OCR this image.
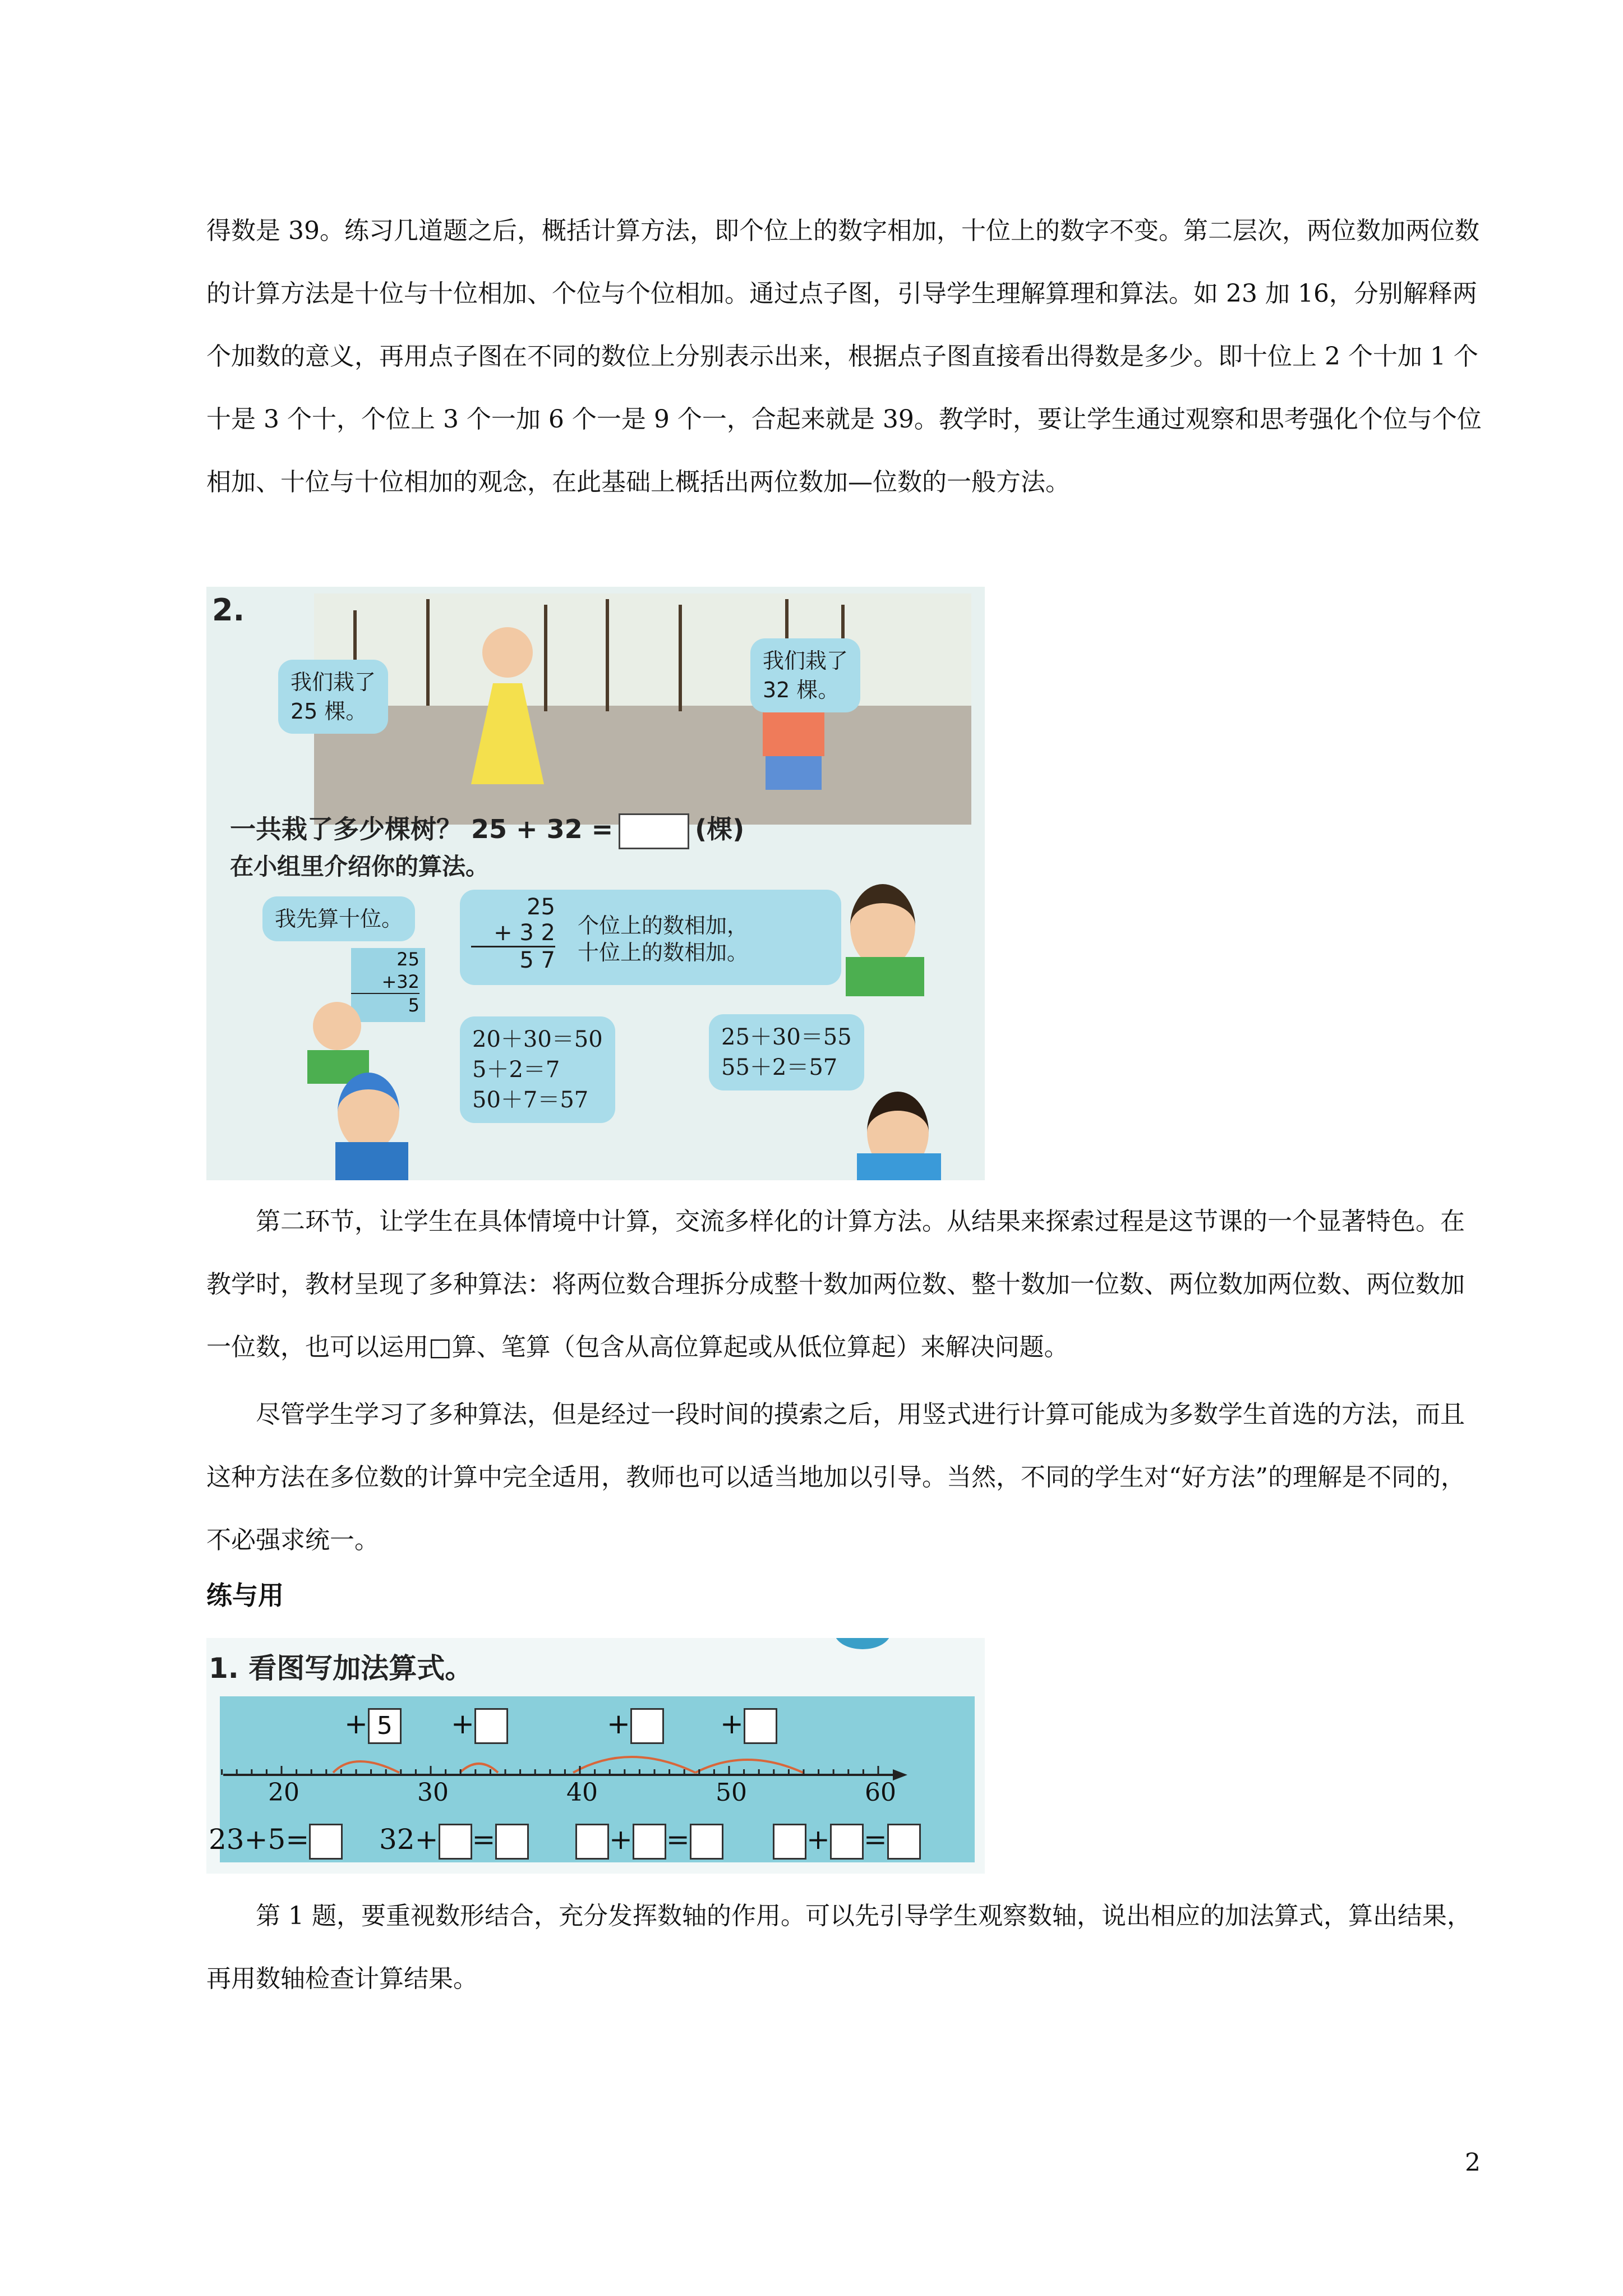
得数是 39。练习几道题之后，概括计算方法，即个位上的数字相加，十位上的数字不变。第二层次，两位数加两位数的计算方法是十位与十位相加、个位与个位相加。通过点子图，引导学生理解算理和算法。如 23 加 16，分别解释两个加数的意义，再用点子图在不同的数位上分别表示出来，根据点子图直接看出得数是多少。即十位上 2 个十加 1 个十是 3 个十，个位上 3 个一加 6 个一是 9 个一，合起来就是 39。教学时，要让学生通过观察和思考强化个位与个位相加、十位与十位相加的观念，在此基础上概括出两位数加—位数的一般方法。

2.
我们栽了
25 棵。
我们栽了
32 棵。
一共栽了多少棵树？ 25 + 32 =	(棵)
在小组里介绍你的算法。
我先算十位。	25
+ 3 2
5 7
个位上的数相加，
十位上的数相加。
25
+32
5
20＋30＝50
5＋2＝7
50＋7＝57
25＋30＝55
55＋2＝57

第二环节，让学生在具体情境中计算，交流多样化的计算方法。从结果来探索过程是这节课的一个显著特色。在教学时，教材呈现了多种算法：将两位数合理拆分成整十数加两位数、整十数加一位数、两位数加两位数、两位数加一位数，也可以运用□算、笔算（包含从高位算起或从低位算起）来解决问题。

尽管学生学习了多种算法，但是经过一段时间的摸索之后，用竖式进行计算可能成为多数学生首选的方法，而且这种方法在多位数的计算中完全适用，教师也可以适当地加以引导。当然，不同的学生对“好方法”的理解是不同的，不必强求统一。

练与用
1. 看图写加法算式。
+ 5	+	+	+
20	30	40	50	60
23+5=	32+ =	+ =	+ =

第 1 题，要重视数形结合，充分发挥数轴的作用。可以先引导学生观察数轴，说出相应的加法算式，算出结果，再用数轴检查计算结果。

2
